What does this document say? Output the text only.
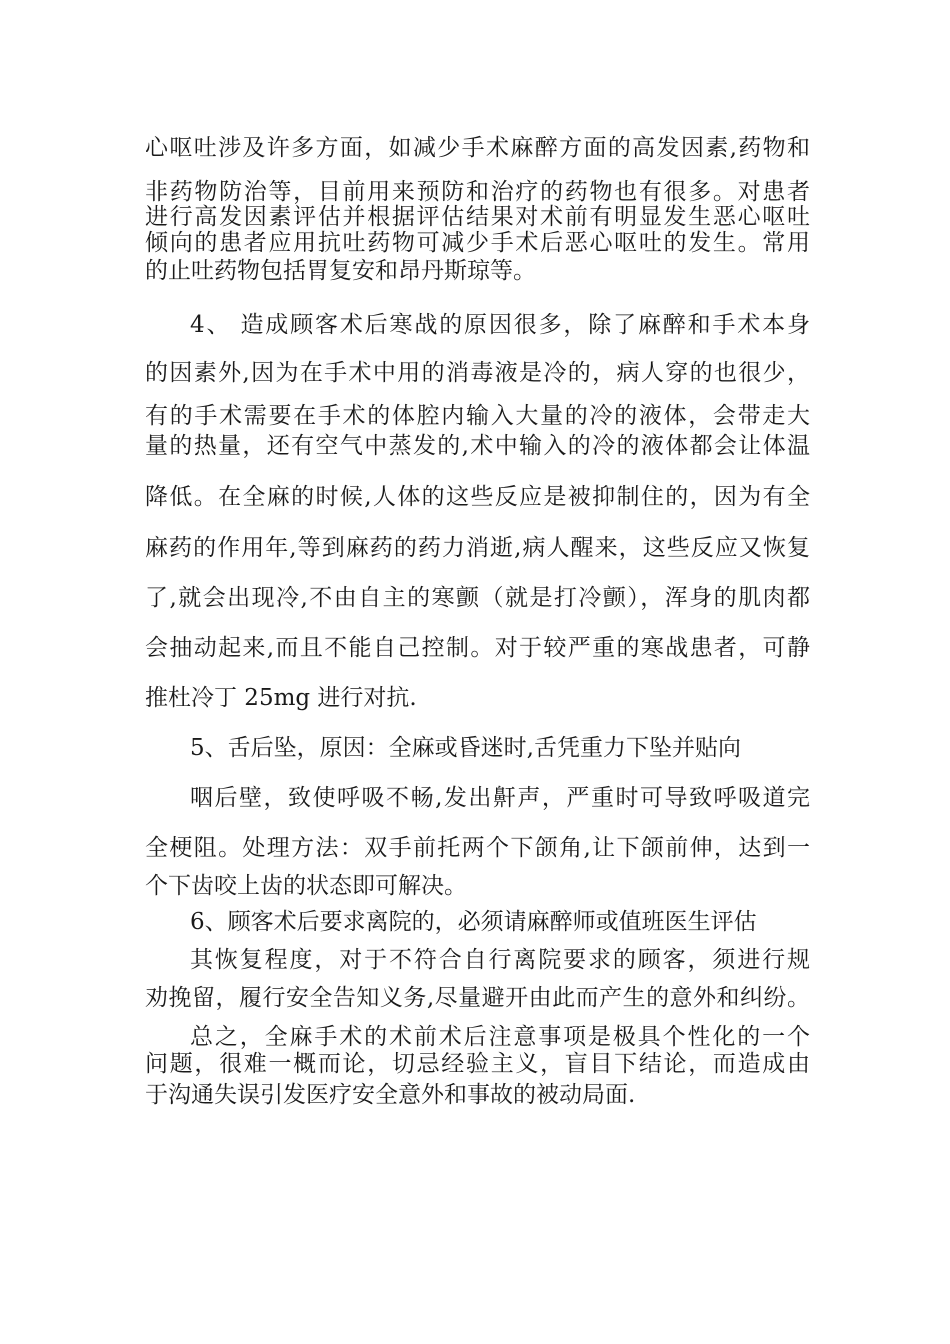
心呕吐涉及许多方面，如减少手术麻醉方面的高发因素,药物和
非药物防治等，目前用来预防和治疗的药物也有很多。对患者
进行高发因素评估并根据评估结果对术前有明显发生恶心呕吐
倾向的患者应用抗吐药物可减少手术后恶心呕吐的发生。常用
的止吐药物包括胃复安和昂丹斯琼等。
4、 造成顾客术后寒战的原因很多，除了麻醉和手术本身
的因素外,因为在手术中用的消毒液是冷的，病人穿的也很少，
有的手术需要在手术的体腔内输入大量的冷的液体，会带走大
量的热量，还有空气中蒸发的,术中输入的冷的液体都会让体温
降低。在全麻的时候,人体的这些反应是被抑制住的，因为有全
麻药的作用年,等到麻药的药力消逝,病人醒来，这些反应又恢复
了,就会出现冷,不由自主的寒颤（就是打冷颤），浑身的肌肉都
会抽动起来,而且不能自己控制。对于较严重的寒战患者，可静
推杜冷丁 25mg 进行对抗.
5、舌后坠，原因：全麻或昏迷时,舌凭重力下坠并贴向
咽后壁，致使呼吸不畅,发出鼾声，严重时可导致呼吸道完
全梗阻。处理方法：双手前托两个下颌角,让下颌前伸，达到一
个下齿咬上齿的状态即可解决。
6、顾客术后要求离院的，必须请麻醉师或值班医生评估
其恢复程度，对于不符合自行离院要求的顾客，须进行规
劝挽留，履行安全告知义务,尽量避开由此而产生的意外和纠纷。
总之，全麻手术的术前术后注意事项是极具个性化的一个
问题，很难一概而论，切忌经验主义，盲目下结论，而造成由
于沟通失误引发医疗安全意外和事故的被动局面.
